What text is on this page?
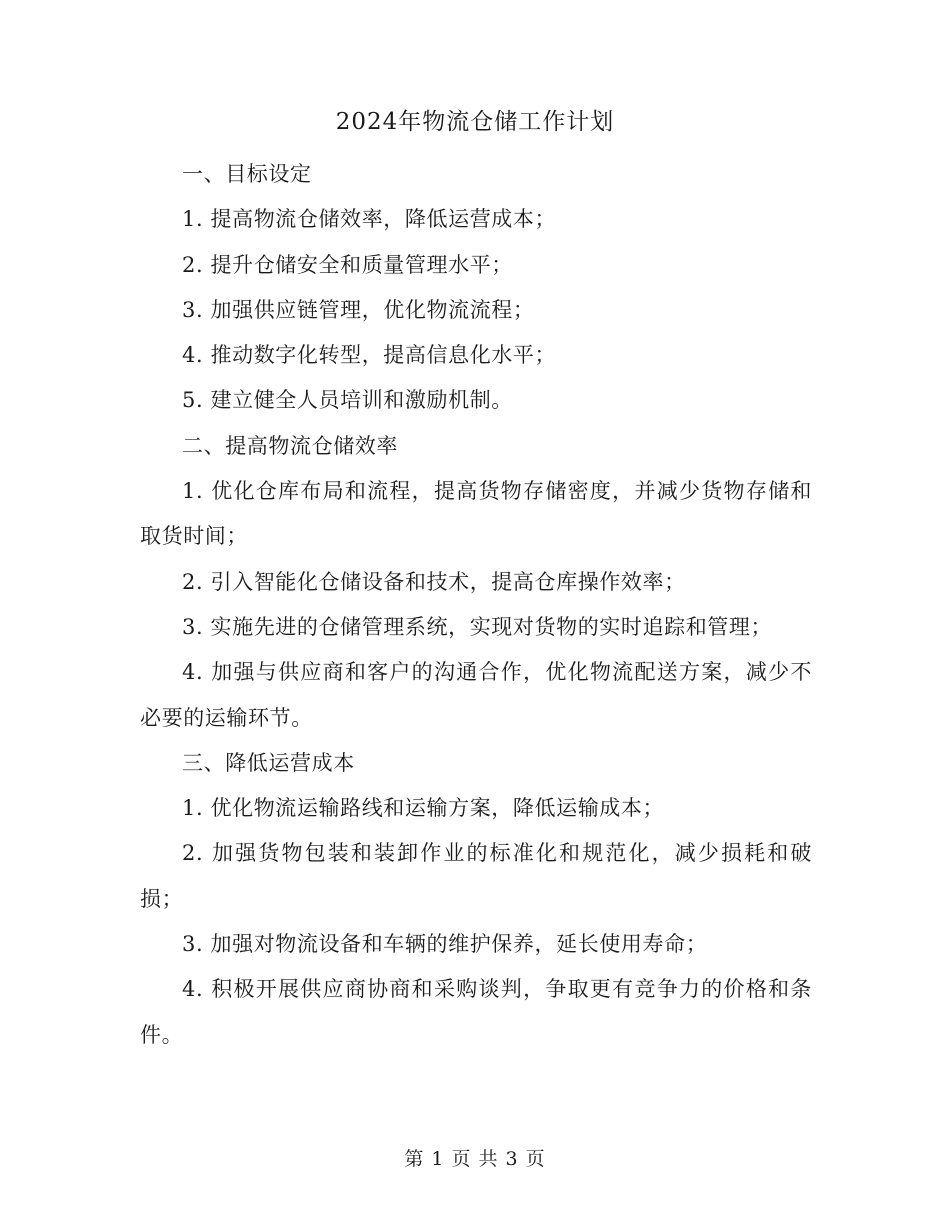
2024年物流仓储工作计划

一、目标设定

1. 提高物流仓储效率，降低运营成本；

2. 提升仓储安全和质量管理水平；

3. 加强供应链管理，优化物流流程；

4. 推动数字化转型，提高信息化水平；

5. 建立健全人员培训和激励机制。

二、提高物流仓储效率

1. 优化仓库布局和流程，提高货物存储密度，并减少货物存储和取货时间；

2. 引入智能化仓储设备和技术，提高仓库操作效率；

3. 实施先进的仓储管理系统，实现对货物的实时追踪和管理；

4. 加强与供应商和客户的沟通合作，优化物流配送方案，减少不必要的运输环节。

三、降低运营成本

1. 优化物流运输路线和运输方案，降低运输成本；

2. 加强货物包装和装卸作业的标准化和规范化，减少损耗和破损；

3. 加强对物流设备和车辆的维护保养，延长使用寿命；

4. 积极开展供应商协商和采购谈判，争取更有竞争力的价格和条件。

第 1 页 共 3 页
